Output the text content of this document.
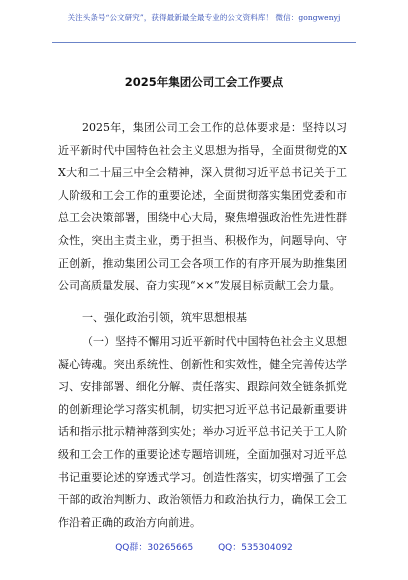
关注头条号“公文研究”，获得最新最全最专业的公文资料库！ 微信：gongwenyj
2025年集团公司工会工作要点

2025年，集团公司工会工作的总体要求是：坚持以习近平新时代中国特色社会主义思想为指导，全面贯彻党的XX大和二十届三中全会精神，深入贯彻习近平总书记关于工人阶级和工会工作的重要论述，全面贯彻落实集团党委和市总工会决策部署，围绕中心大局，聚焦增强政治性先进性群众性，突出主责主业，勇于担当、积极作为，问题导向、守正创新，推动集团公司工会各项工作的有序开展为助推集团公司高质量发展、奋力实现“××”发展目标贡献工会力量。

一、强化政治引领，筑牢思想根基

（一）坚持不懈用习近平新时代中国特色社会主义思想凝心铸魂。突出系统性、创新性和实效性，健全完善传达学习、安排部署、细化分解、责任落实、跟踪问效全链条抓党的创新理论学习落实机制，切实把习近平总书记最新重要讲话和指示批示精神落到实处；举办习近平总书记关于工人阶级和工会工作的重要论述专题培训班，全面加强对习近平总书记重要论述的穿透式学习。创造性落实，切实增强了工会干部的政治判断力、政治领悟力和政治执行力，确保工会工作沿着正确的政治方向前进。

QQ群：30265665	QQ：535304092
